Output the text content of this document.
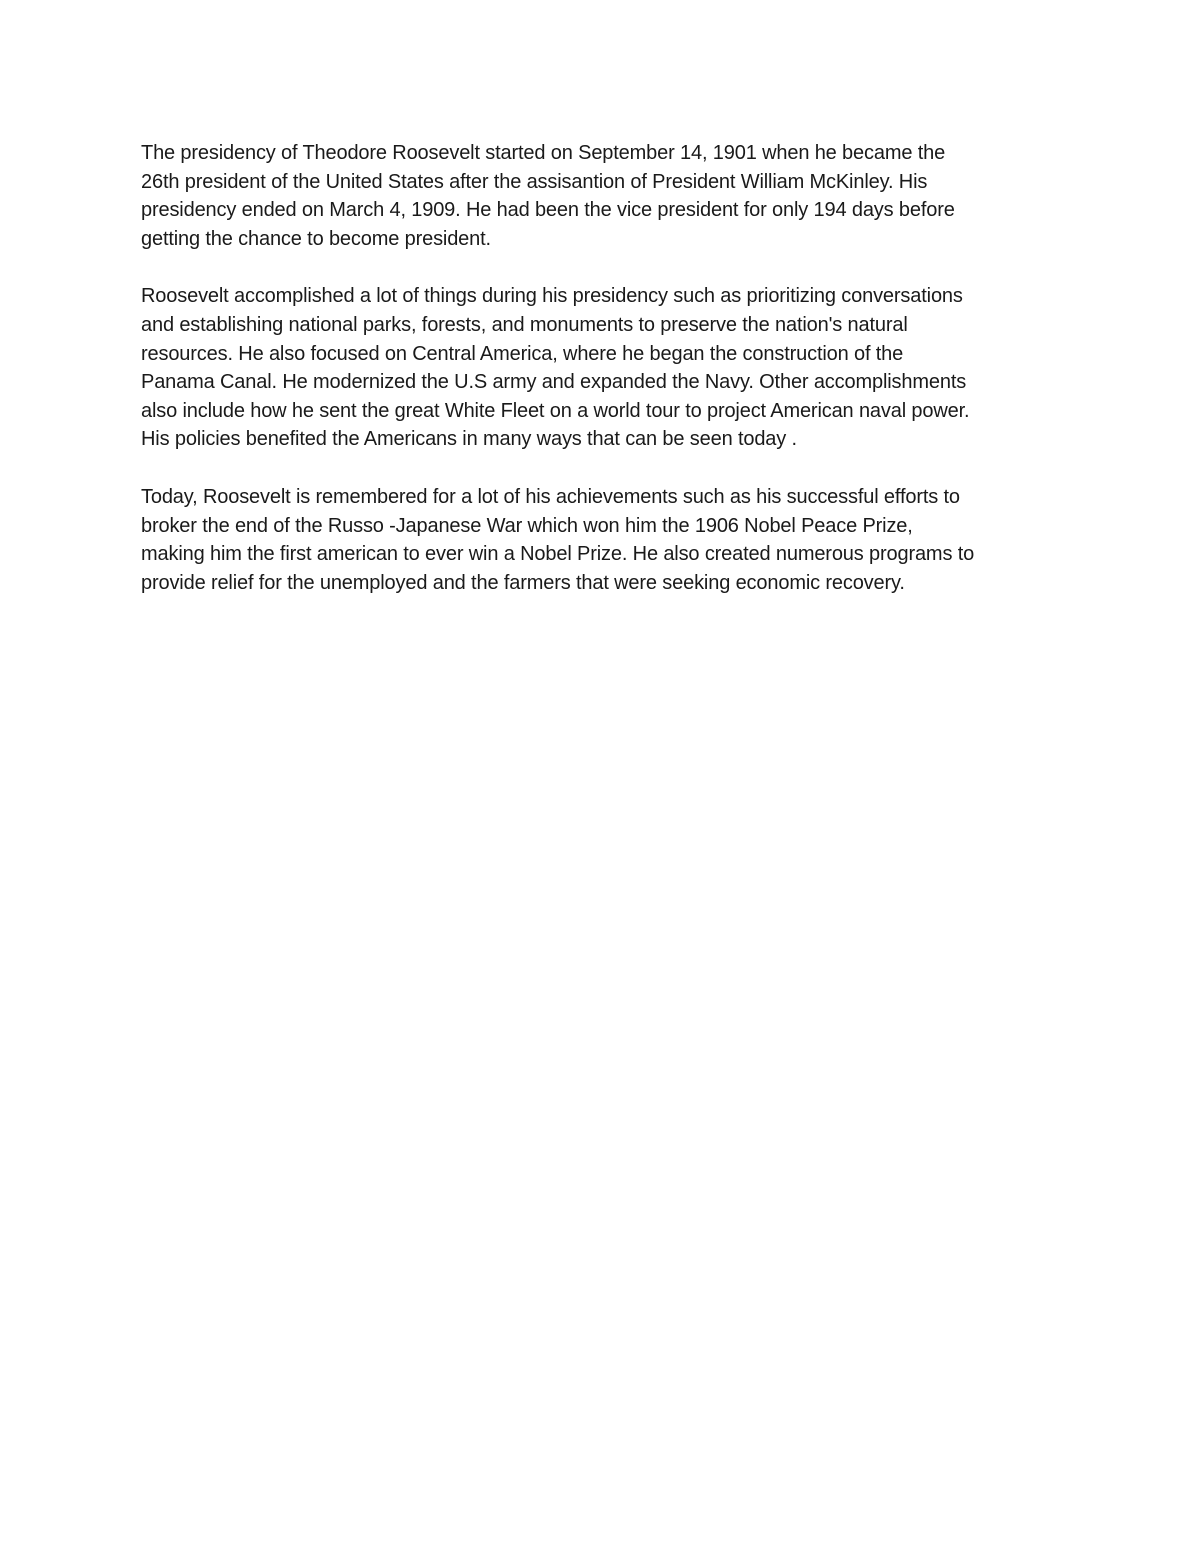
The presidency of Theodore Roosevelt started on September 14, 1901 when he became the
26th president of the United States after the assisantion of President William McKinley. His
presidency ended on March 4, 1909. He had been the vice president for only 194 days before
getting the chance to become president.

Roosevelt accomplished a lot of things during his presidency such as prioritizing conversations
and establishing national parks, forests, and monuments to preserve the nation's natural
resources. He also focused on Central America, where he began the construction of the
Panama Canal. He modernized the U.S army and expanded the Navy. Other accomplishments
also include how he sent the great White Fleet on a world tour to project American naval power.
His policies benefited the Americans in many ways that can be seen today .

Today, Roosevelt is remembered for a lot of his achievements such as his successful efforts to
broker the end of the Russo -Japanese War which won him the 1906 Nobel Peace Prize,
making him the first american to ever win a Nobel Prize. He also created numerous programs to
provide relief for the unemployed and the farmers that were seeking economic recovery.
